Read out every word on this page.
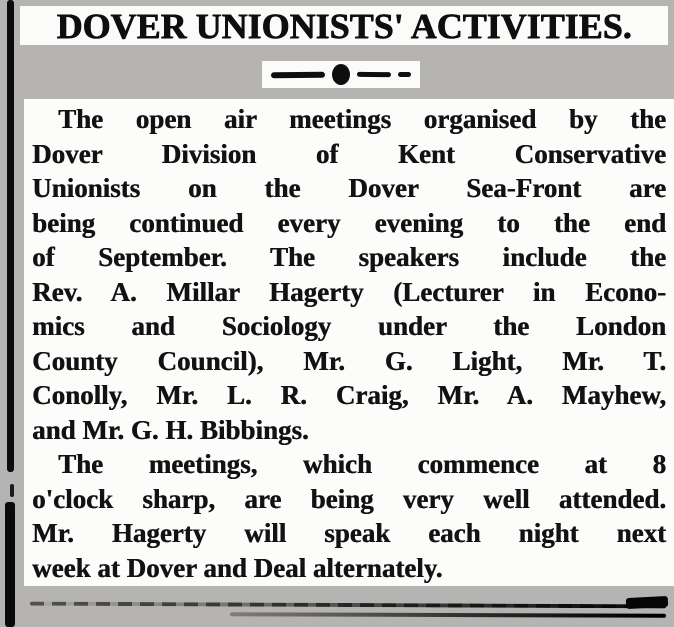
DOVER UNIONISTS' ACTIVITIES.
The open air meetings organised by the
Dover Division of Kent Conservative
Unionists on the Dover Sea-Front are
being continued every evening to the end
of September. The speakers include the
Rev. A. Millar Hagerty (Lecturer in Econo-
mics and Sociology under the London
County Council), Mr. G. Light, Mr. T.
Conolly, Mr. L. R. Craig, Mr. A. Mayhew,
and Mr. G. H. Bibbings.
The meetings, which commence at 8
o'clock sharp, are being very well attended.
Mr. Hagerty will speak each night next
week at Dover and Deal alternately.
